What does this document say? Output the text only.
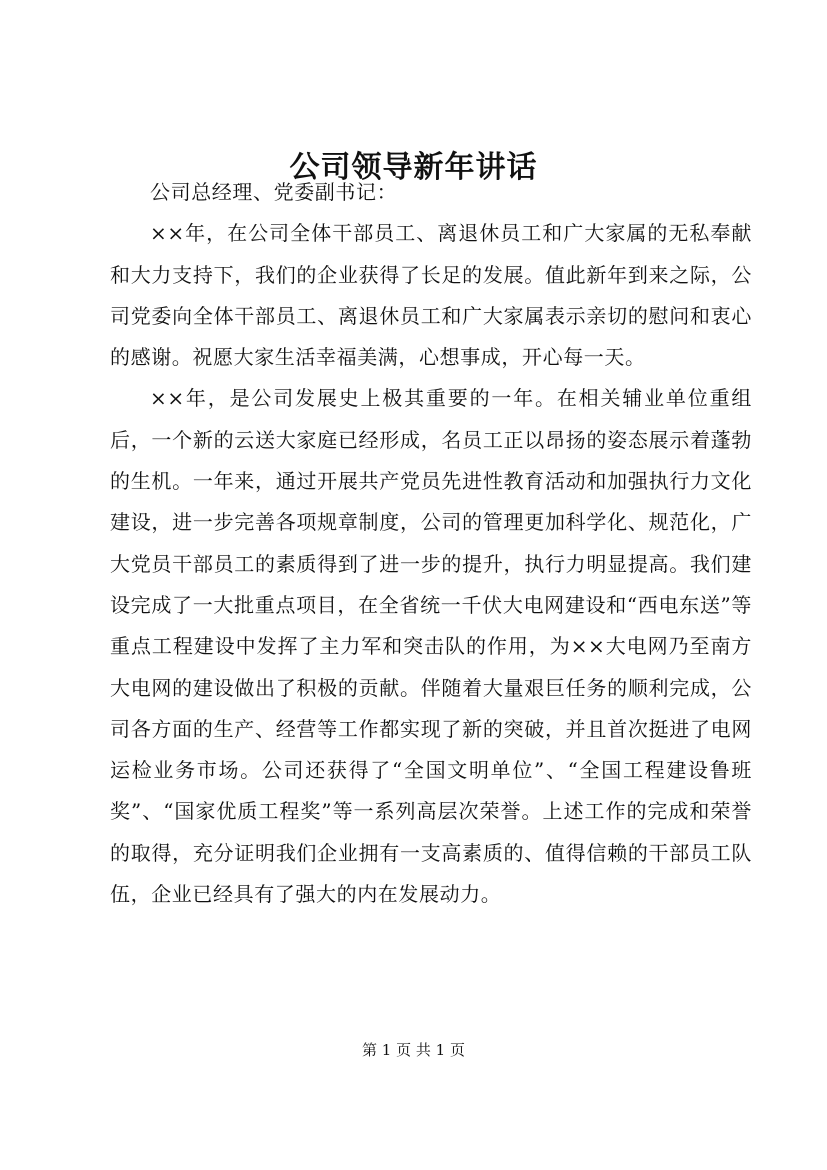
公司领导新年讲话

公司总经理、党委副书记：

××年，在公司全体干部员工、离退休员工和广大家属的无私奉献和大力支持下，我们的企业获得了长足的发展。值此新年到来之际，公司党委向全体干部员工、离退休员工和广大家属表示亲切的慰问和衷心的感谢。祝愿大家生活幸福美满，心想事成，开心每一天。

××年，是公司发展史上极其重要的一年。在相关辅业单位重组后，一个新的云送大家庭已经形成，名员工正以昂扬的姿态展示着蓬勃的生机。一年来，通过开展共产党员先进性教育活动和加强执行力文化建设，进一步完善各项规章制度，公司的管理更加科学化、规范化，广大党员干部员工的素质得到了进一步的提升，执行力明显提高。我们建设完成了一大批重点项目，在全省统一千伏大电网建设和“西电东送”等重点工程建设中发挥了主力军和突击队的作用，为××大电网乃至南方大电网的建设做出了积极的贡献。伴随着大量艰巨任务的顺利完成，公司各方面的生产、经营等工作都实现了新的突破，并且首次挺进了电网运检业务市场。公司还获得了“全国文明单位”、“全国工程建设鲁班奖”、“国家优质工程奖”等一系列高层次荣誉。上述工作的完成和荣誉的取得，充分证明我们企业拥有一支高素质的、值得信赖的干部员工队伍，企业已经具有了强大的内在发展动力。

第 1 页 共 1 页
